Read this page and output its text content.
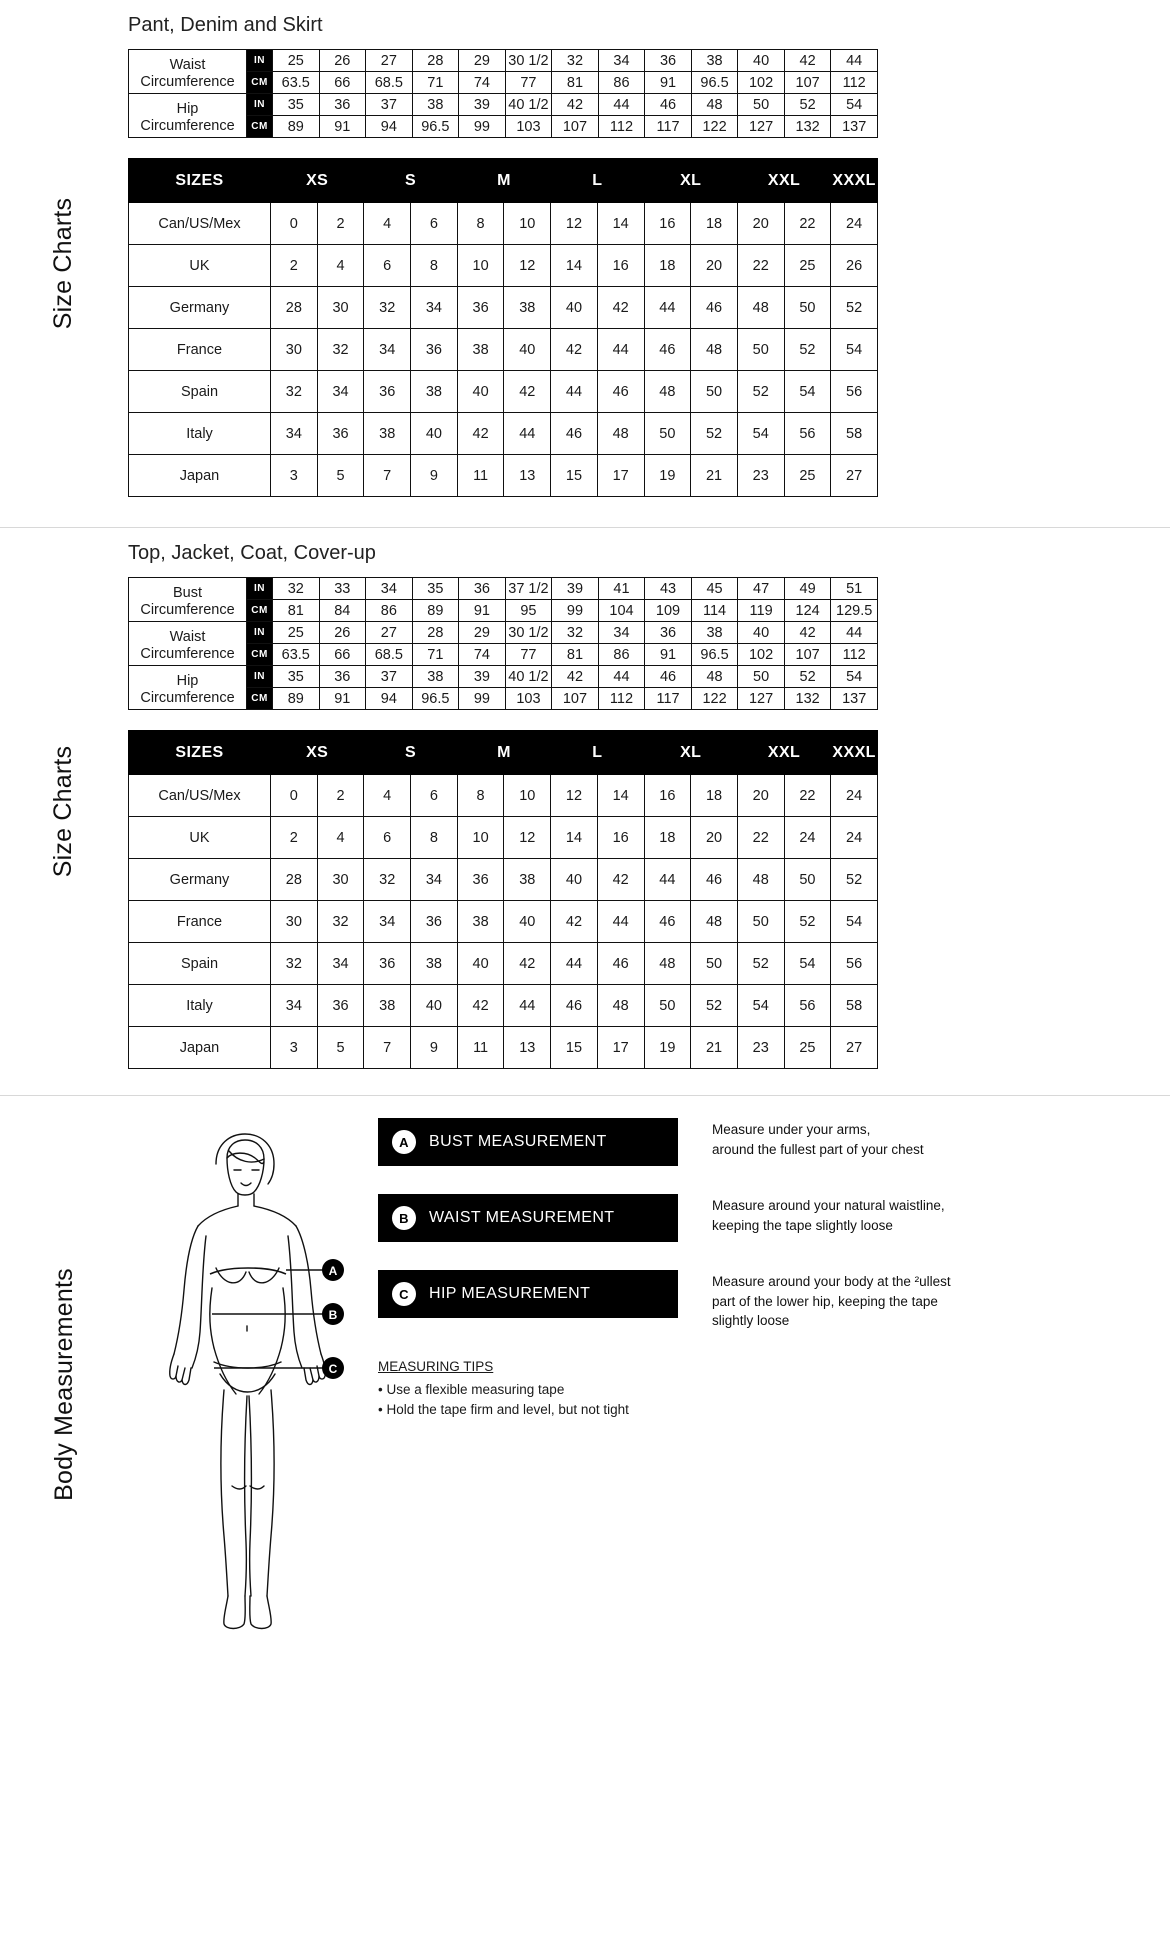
Size Charts
Pant, Denim and Skirt
Waist
Circumference	IN	25	26	27	28	29	30 1/2	32	34	36	38	40	42	44
	CM	63.5	66	68.5	71	74	77	81	86	91	96.5	102	107	112
Hip
Circumference	IN	35	36	37	38	39	40 1/2	42	44	46	48	50	52	54
	CM	89	91	94	96.5	99	103	107	112	117	122	127	132	137
SIZES	XS		S		M		L		XL		XXL		XXXL
Can/US/Mex	0	2	4	6	8	10	12	14	16	18	20	22	24
UK	2	4	6	8	10	12	14	16	18	20	22	25	26
Germany	28	30	32	34	36	38	40	42	44	46	48	50	52
France	30	32	34	36	38	40	42	44	46	48	50	52	54
Spain	32	34	36	38	40	42	44	46	48	50	52	54	56
Italy	34	36	38	40	42	44	46	48	50	52	54	56	58
Japan	3	5	7	9	11	13	15	17	19	21	23	25	27
Size Charts
Top, Jacket, Coat, Cover-up
Bust
Circumference	IN	32	33	34	35	36	37 1/2	39	41	43	45	47	49	51
	CM	81	84	86	89	91	95	99	104	109	114	119	124	129.5
Waist
Circumference	IN	25	26	27	28	29	30 1/2	32	34	36	38	40	42	44
	CM	63.5	66	68.5	71	74	77	81	86	91	96.5	102	107	112
Hip
Circumference	IN	35	36	37	38	39	40 1/2	42	44	46	48	50	52	54
	CM	89	91	94	96.5	99	103	107	112	117	122	127	132	137
SIZES	XS		S		M		L		XL		XXL		XXXL
Can/US/Mex	0	2	4	6	8	10	12	14	16	18	20	22	24
UK	2	4	6	8	10	12	14	16	18	20	22	24	24
Germany	28	30	32	34	36	38	40	42	44	46	48	50	52
France	30	32	34	36	38	40	42	44	46	48	50	52	54
Spain	32	34	36	38	40	42	44	46	48	50	52	54	56
Italy	34	36	38	40	42	44	46	48	50	52	54	56	58
Japan	3	5	7	9	11	13	15	17	19	21	23	25	27
Body Measurements	A
B
C
A	BUST MEASUREMENT
Measure under your arms,
around the fullest part of your chest
B	WAIST MEASUREMENT
Measure around your natural waistline,
keeping the tape slightly loose
C	HIP MEASUREMENT
Measure around your body at the ²ullest
part of the lower hip, keeping the tape
slightly loose
MEASURING TIPS
• Use a flexible measuring tape
• Hold the tape firm and level, but not tight
